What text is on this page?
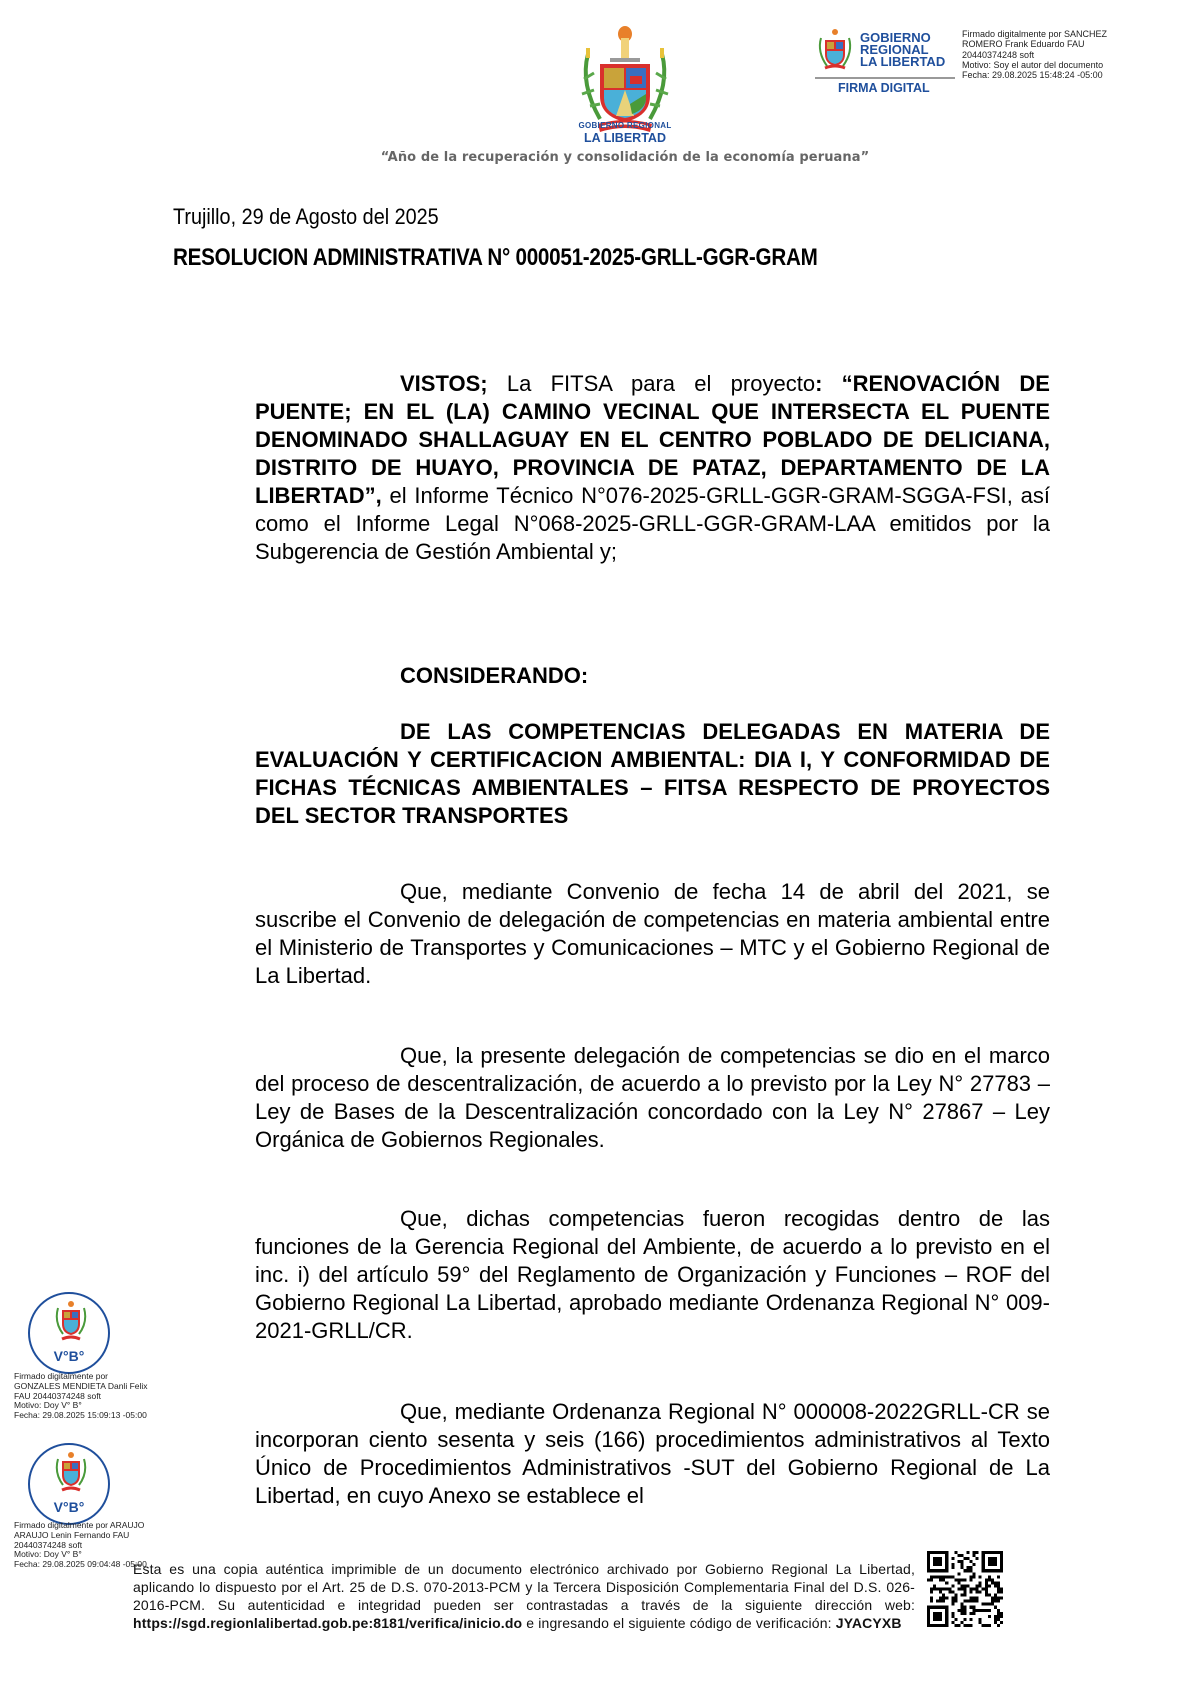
GOBIERNO REGIONAL
LA LIBERTAD
“Año de la recuperación y consolidación de la economía peruana”
GOBIERNO
REGIONAL
LA LIBERTAD
FIRMA DIGITAL
Firmado digitalmente por SANCHEZ
ROMERO Frank Eduardo FAU
20440374248 soft
Motivo: Soy el autor del documento
Fecha: 29.08.2025 15:48:24 -05:00
Trujillo, 29 de Agosto del 2025
RESOLUCION ADMINISTRATIVA N° 000051-2025-GRLL-GGR-GRAM
VISTOS; La FITSA para el proyecto: “RENOVACIÓN DE PUENTE; EN EL (LA) CAMINO VECINAL QUE INTERSECTA EL PUENTE DENOMINADO SHALLAGUAY EN EL CENTRO POBLADO DE DELICIANA, DISTRITO DE HUAYO, PROVINCIA DE PATAZ, DEPARTAMENTO DE LA LIBERTAD”, el Informe Técnico N°076-2025-GRLL-GGR-GRAM-SGGA-FSI, así como el Informe Legal N°068-2025-GRLL-GGR-GRAM-LAA emitidos por la Subgerencia de Gestión Ambiental y;
CONSIDERANDO:
DE LAS COMPETENCIAS DELEGADAS EN MATERIA DE EVALUACIÓN Y CERTIFICACION AMBIENTAL: DIA I, Y CONFORMIDAD DE FICHAS TÉCNICAS AMBIENTALES – FITSA RESPECTO DE PROYECTOS DEL SECTOR TRANSPORTES
Que, mediante Convenio de fecha 14 de abril del 2021, se suscribe el Convenio de delegación de competencias en materia ambiental entre el Ministerio de Transportes y Comunicaciones – MTC y el Gobierno Regional de La Libertad.
Que, la presente delegación de competencias se dio en el marco del proceso de descentralización, de acuerdo a lo previsto por la Ley N° 27783 – Ley de Bases de la Descentralización concordado con la Ley N° 27867 – Ley Orgánica de Gobiernos Regionales.
Que, dichas competencias fueron recogidas dentro de las funciones de la Gerencia Regional del Ambiente, de acuerdo a lo previsto en el inc. i) del artículo 59° del Reglamento de Organización y Funciones – ROF del Gobierno Regional La Libertad, aprobado mediante Ordenanza Regional N° 009-2021-GRLL/CR.
Que, mediante Ordenanza Regional N° 000008-2022GRLL-CR se incorporan ciento sesenta y seis (166) procedimientos administrativos al Texto Único de Procedimientos Administrativos -SUT del Gobierno Regional de La Libertad, en cuyo Anexo se establece el
V°B°
Firmado digitalmente por
GONZALES MENDIETA Danli Felix
FAU 20440374248 soft
Motivo: Doy V° B°
Fecha: 29.08.2025 15:09:13 -05:00
V°B°
Firmado digitalmente por ARAUJO
ARAUJO Lenin Fernando FAU
20440374248 soft
Motivo: Doy V° B°
Fecha: 29.08.2025 09:04:48 -05:00
Esta es una copia auténtica imprimible de un documento electrónico archivado por Gobierno Regional La Libertad, aplicando lo dispuesto por el Art. 25 de D.S. 070-2013-PCM y la Tercera Disposición Complementaria Final del D.S. 026- 2016-PCM. Su autenticidad e integridad pueden ser contrastadas a través de la siguiente dirección web: https://sgd.regionlalibertad.gob.pe:8181/verifica/inicio.do e ingresando el siguiente código de verificación: JYACYXB
